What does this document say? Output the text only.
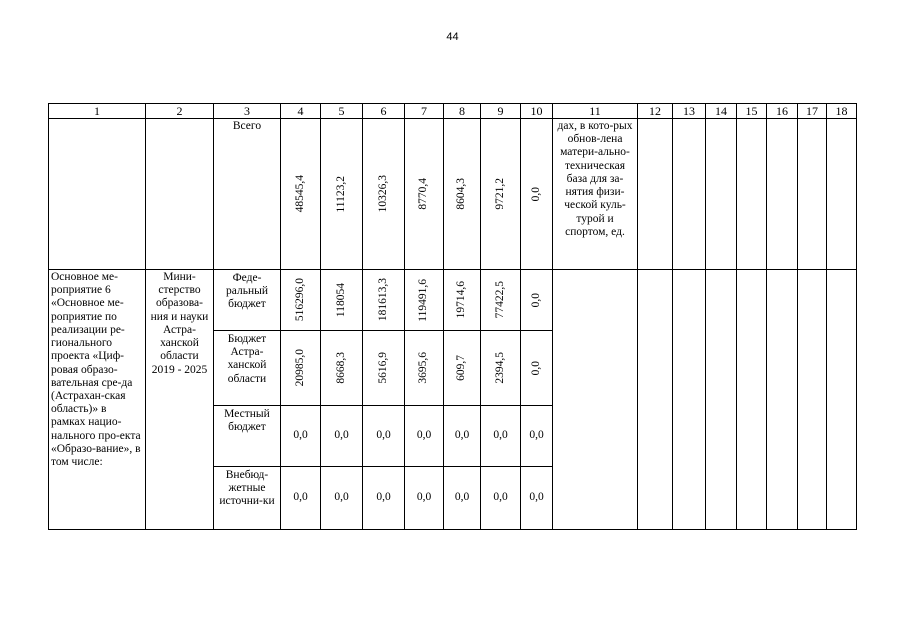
44
1	2	3	4	5	6	7	8	9	10	11	12	13	14	15	16	17	18

		Всего	48545,4	11123,2	10326,3	8770,4	8604,3	9721,2	0,0	дах, в кото-рых обнов-лена матери-ально-техническая база для за-нятия физи-ческой куль-турой и спортом, ед.							

Основное ме-роприятие 6 «Основное ме-роприятие по реализации ре-гионального проекта «Циф-ровая образо-вательная сре-да (Астрахан-ская область)» в рамках нацио-нального про-екта «Образо-вание», в том числе:	Мини-стерство образова-ния и науки Астра-ханской области 2019 - 2025	Феде-ральный бюджет	516296,0	118054	181613,3	119491,6	19714,6	77422,5	0,0								

		Бюджет Астра-ханской области	20985,0	8668,3	5616,9	3695,6	609,7	2394,5	0,0								

		Местный бюджет	0,0	0,0	0,0	0,0	0,0	0,0	0,0								

		Внебюд-жетные источни-ки	0,0	0,0	0,0	0,0	0,0	0,0	0,0								
